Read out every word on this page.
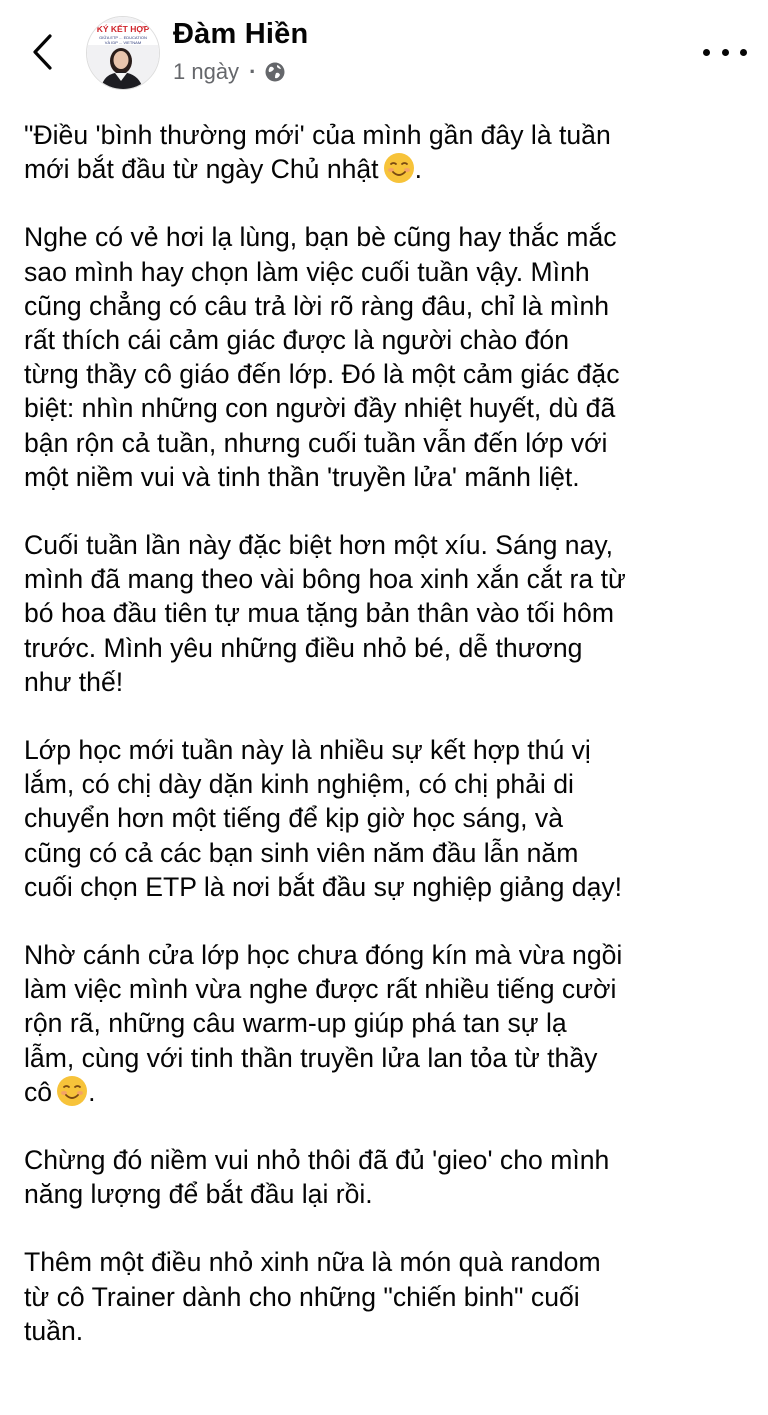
KÝ KẾT HỢP
GIỮA ETP ... EDUCATION
VÀ IDP ... VIETNAM Đàm Hiền
1 ngày ·
"Điều 'bình thường mới' của mình gần đây là tuần
mới bắt đầu từ ngày Chủ nhật .
Nghe có vẻ hơi lạ lùng, bạn bè cũng hay thắc mắc
sao mình hay chọn làm việc cuối tuần vậy. Mình
cũng chẳng có câu trả lời rõ ràng đâu, chỉ là mình
rất thích cái cảm giác được là người chào đón
từng thầy cô giáo đến lớp. Đó là một cảm giác đặc
biệt: nhìn những con người đầy nhiệt huyết, dù đã
bận rộn cả tuần, nhưng cuối tuần vẫn đến lớp với
một niềm vui và tinh thần 'truyền lửa' mãnh liệt.
Cuối tuần lần này đặc biệt hơn một xíu. Sáng nay,
mình đã mang theo vài bông hoa xinh xắn cắt ra từ
bó hoa đầu tiên tự mua tặng bản thân vào tối hôm
trước. Mình yêu những điều nhỏ bé, dễ thương
như thế!
Lớp học mới tuần này là nhiều sự kết hợp thú vị
lắm, có chị dày dặn kinh nghiệm, có chị phải di
chuyển hơn một tiếng để kịp giờ học sáng, và
cũng có cả các bạn sinh viên năm đầu lẫn năm
cuối chọn ETP là nơi bắt đầu sự nghiệp giảng dạy!
Nhờ cánh cửa lớp học chưa đóng kín mà vừa ngồi
làm việc mình vừa nghe được rất nhiều tiếng cười
rộn rã, những câu warm-up giúp phá tan sự lạ
lẫm, cùng với tinh thần truyền lửa lan tỏa từ thầy
cô .
Chừng đó niềm vui nhỏ thôi đã đủ 'gieo' cho mình
năng lượng để bắt đầu lại rồi.
Thêm một điều nhỏ xinh nữa là món quà random
từ cô Trainer dành cho những "chiến binh" cuối
tuần.
